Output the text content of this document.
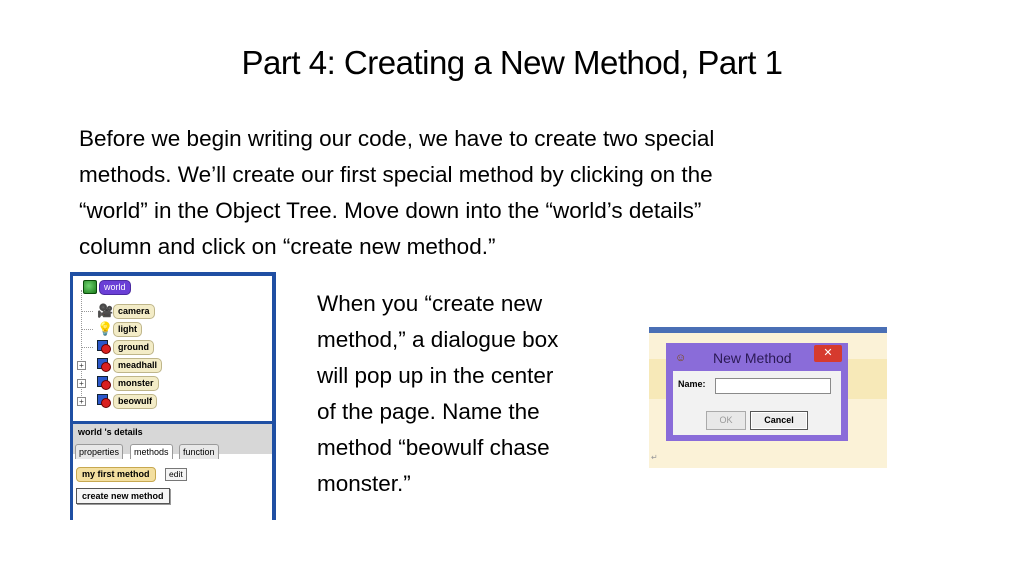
Part 4: Creating a New Method, Part 1

Before we begin writing our code, we have to create two special

methods. We’ll create our first special method by clicking on the

“world” in the Object Tree. Move down into the “world’s details”

column and click on “create new method.”

world
🎥 camera
💡 light
ground
+	meadhall
+	monster
+	beowulf
world 's details
properties	methods	function
my first method	edit
create new method

When you “create new

method,” a dialogue box

will pop up in the center

of the page. Name the

method “beowulf chase

monster.”

☺ New Method	✕
Name:
OK	Cancel
↵
